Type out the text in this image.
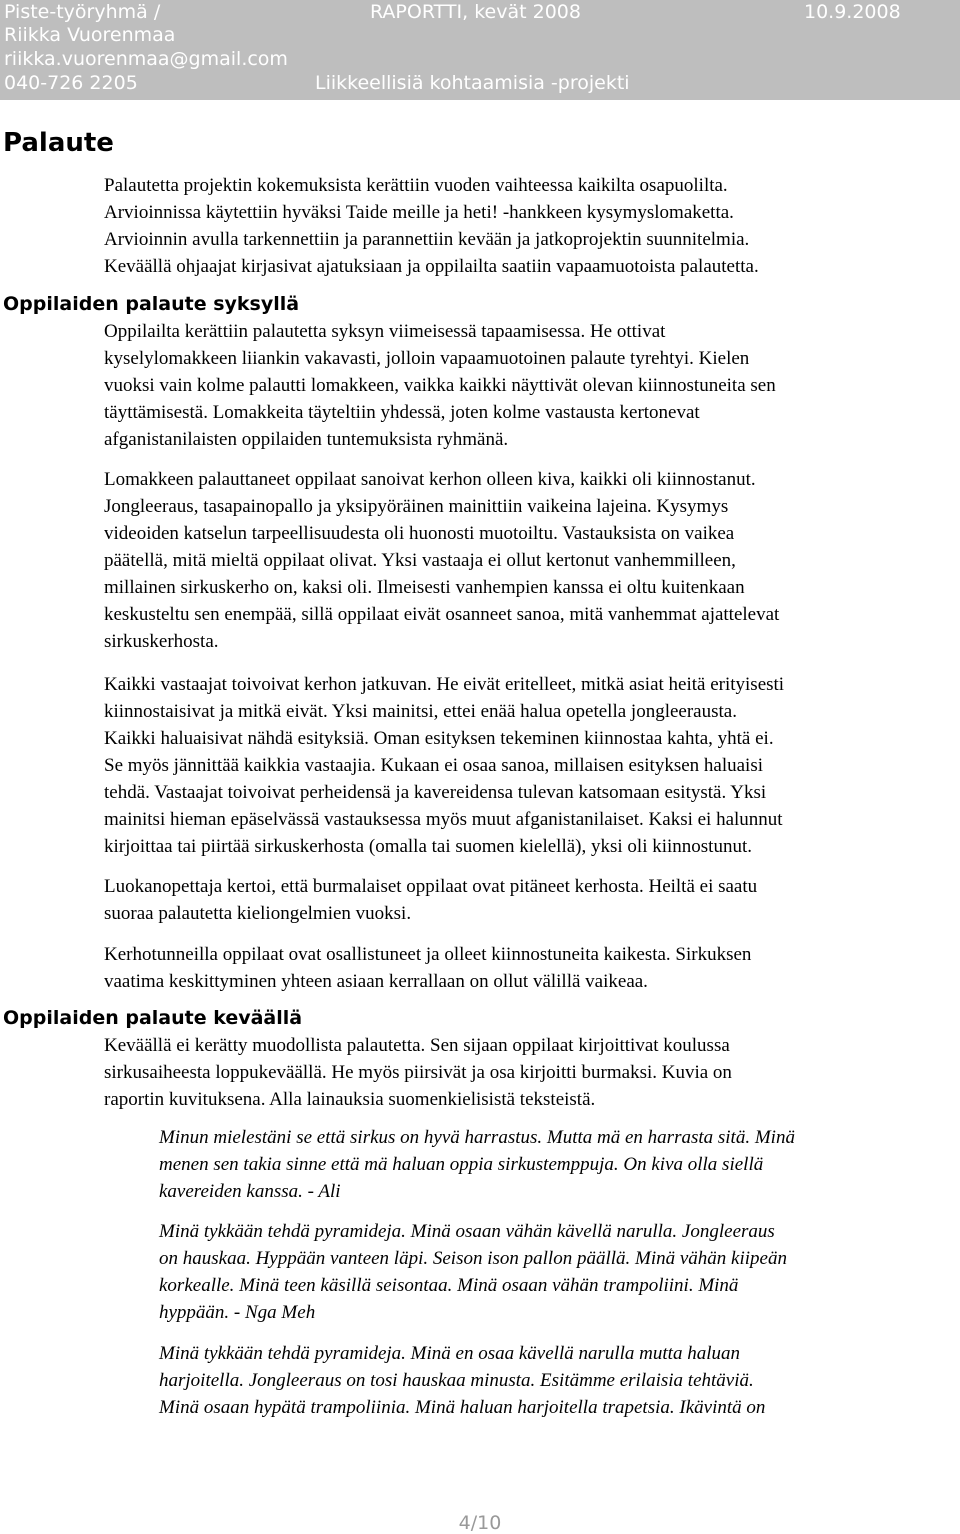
Piste-työryhmä /	RAPORTTI, kevät 2008	10.9.2008
Riikka Vuorenmaa
riikka.vuorenmaa@gmail.com
040-726 2205	Liikkeellisiä kohtaamisia -projekti
Palaute
Palautetta projektin kokemuksista kerättiin vuoden vaihteessa kaikilta osapuolilta.
Arvioinnissa käytettiin hyväksi Taide meille ja heti! -hankkeen kysymyslomaketta.
Arvioinnin avulla tarkennettiin ja parannettiin kevään ja jatkoprojektin suunnitelmia.
Keväällä ohjaajat kirjasivat ajatuksiaan ja oppilailta saatiin vapaamuotoista palautetta.
Oppilaiden palaute syksyllä
Oppilailta kerättiin palautetta syksyn viimeisessä tapaamisessa. He ottivat
kyselylomakkeen liiankin vakavasti, jolloin vapaamuotoinen palaute tyrehtyi. Kielen
vuoksi vain kolme palautti lomakkeen, vaikka kaikki näyttivät olevan kiinnostuneita sen
täyttämisestä. Lomakkeita täyteltiin yhdessä, joten kolme vastausta kertonevat
afganistanilaisten oppilaiden tuntemuksista ryhmänä.
Lomakkeen palauttaneet oppilaat sanoivat kerhon olleen kiva, kaikki oli kiinnostanut.
Jongleeraus, tasapainopallo ja yksipyöräinen mainittiin vaikeina lajeina. Kysymys
videoiden katselun tarpeellisuudesta oli huonosti muotoiltu. Vastauksista on vaikea
päätellä, mitä mieltä oppilaat olivat. Yksi vastaaja ei ollut kertonut vanhemmilleen,
millainen sirkuskerho on, kaksi oli. Ilmeisesti vanhempien kanssa ei oltu kuitenkaan
keskusteltu sen enempää, sillä oppilaat eivät osanneet sanoa, mitä vanhemmat ajattelevat
sirkuskerhosta.
Kaikki vastaajat toivoivat kerhon jatkuvan. He eivät eritelleet, mitkä asiat heitä erityisesti
kiinnostaisivat ja mitkä eivät. Yksi mainitsi, ettei enää halua opetella jongleerausta.
Kaikki haluaisivat nähdä esityksiä. Oman esityksen tekeminen kiinnostaa kahta, yhtä ei.
Se myös jännittää kaikkia vastaajia. Kukaan ei osaa sanoa, millaisen esityksen haluaisi
tehdä. Vastaajat toivoivat perheidensä ja kavereidensa tulevan katsomaan esitystä. Yksi
mainitsi hieman epäselvässä vastauksessa myös muut afganistanilaiset. Kaksi ei halunnut
kirjoittaa tai piirtää sirkuskerhosta (omalla tai suomen kielellä), yksi oli kiinnostunut.
Luokanopettaja kertoi, että burmalaiset oppilaat ovat pitäneet kerhosta. Heiltä ei saatu
suoraa palautetta kieliongelmien vuoksi.
Kerhotunneilla oppilaat ovat osallistuneet ja olleet kiinnostuneita kaikesta. Sirkuksen
vaatima keskittyminen yhteen asiaan kerrallaan on ollut välillä vaikeaa.
Oppilaiden palaute keväällä
Keväällä ei kerätty muodollista palautetta. Sen sijaan oppilaat kirjoittivat koulussa
sirkusaiheesta loppukeväällä. He myös piirsivät ja osa kirjoitti burmaksi. Kuvia on
raportin kuvituksena. Alla lainauksia suomenkielisistä teksteistä.
Minun mielestäni se että sirkus on hyvä harrastus. Mutta mä en harrasta sitä. Minä
menen sen takia sinne että mä haluan oppia sirkustemppuja. On kiva olla siellä
kavereiden kanssa. - Ali
Minä tykkään tehdä pyramideja. Minä osaan vähän kävellä narulla. Jongleeraus
on hauskaa. Hyppään vanteen läpi. Seison ison pallon päällä. Minä vähän kiipeän
korkealle. Minä teen käsillä seisontaa. Minä osaan vähän trampoliini. Minä
hyppään. - Nga Meh
Minä tykkään tehdä pyramideja. Minä en osaa kävellä narulla mutta haluan
harjoitella. Jongleeraus on tosi hauskaa minusta. Esitämme erilaisia tehtäviä.
Minä osaan hypätä trampoliinia. Minä haluan harjoitella trapetsia. Ikävintä on
4/10
